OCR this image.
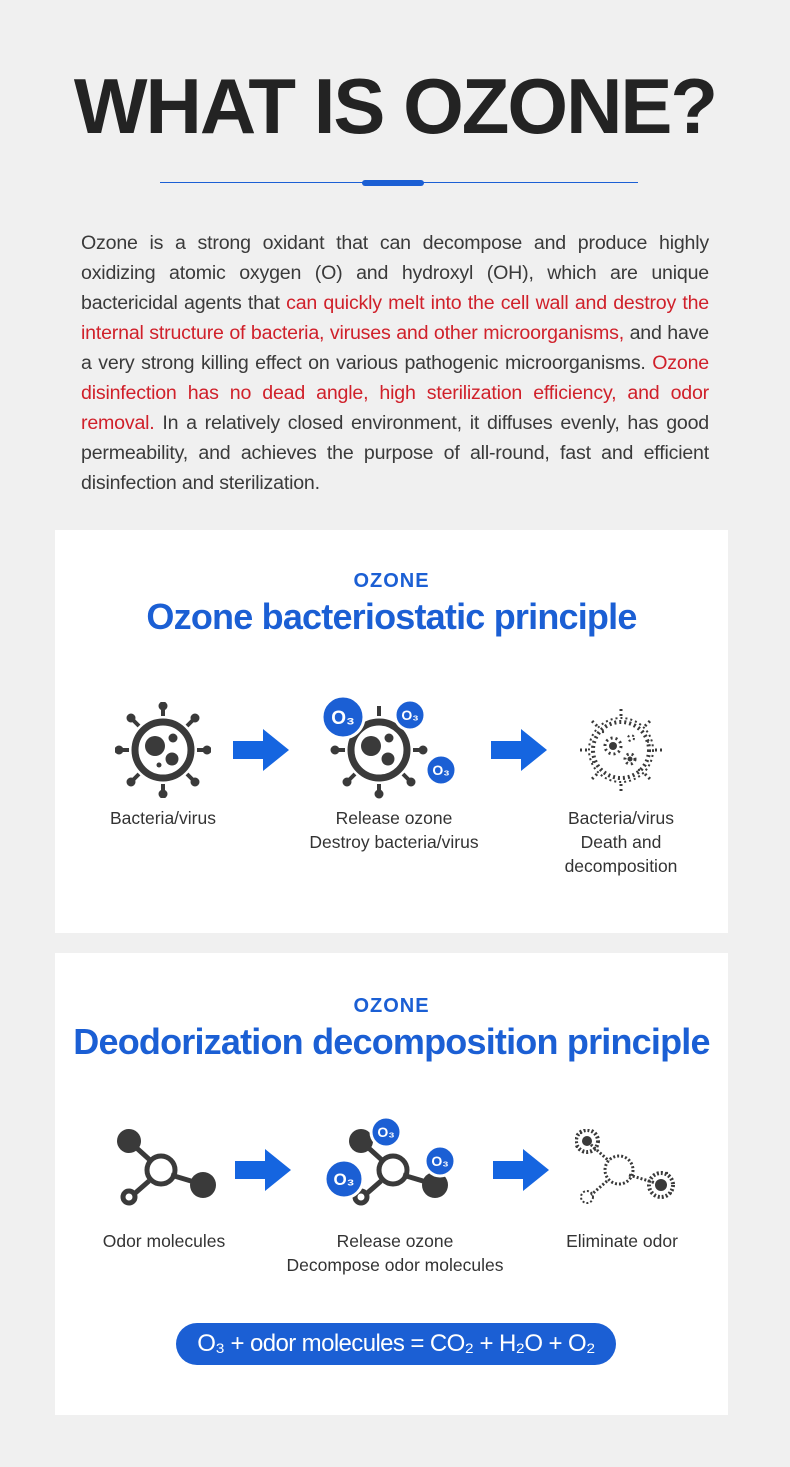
WHAT IS OZONE?

Ozone is a strong oxidant that can decompose and produce highly oxidizing atomic oxygen (O) and hydroxyl (OH), which are unique bactericidal agents that can quickly melt into the cell wall and destroy the internal structure of bacteria, viruses and other microorganisms, and have a very strong killing effect on various pathogenic microorganisms. Ozone disinfection has no dead angle, high sterilization efficiency, and odor removal. In a relatively closed environment, it diffuses evenly, has good permeability, and achieves the purpose of all-round, fast and efficient disinfection and sterilization.

OZONE
Ozone bacteriostatic principle
Bacteria/virus
O₃	O₃
O₃
Release ozone
Destroy bacteria/virus
Bacteria/virus
Death and
decomposition
OZONE
Deodorization decomposition principle
Odor molecules
O₃
O₃
O₃
Release ozone
Decompose odor molecules
Eliminate odor
O₃ + odor molecules = CO₂ + H₂O + O₂
